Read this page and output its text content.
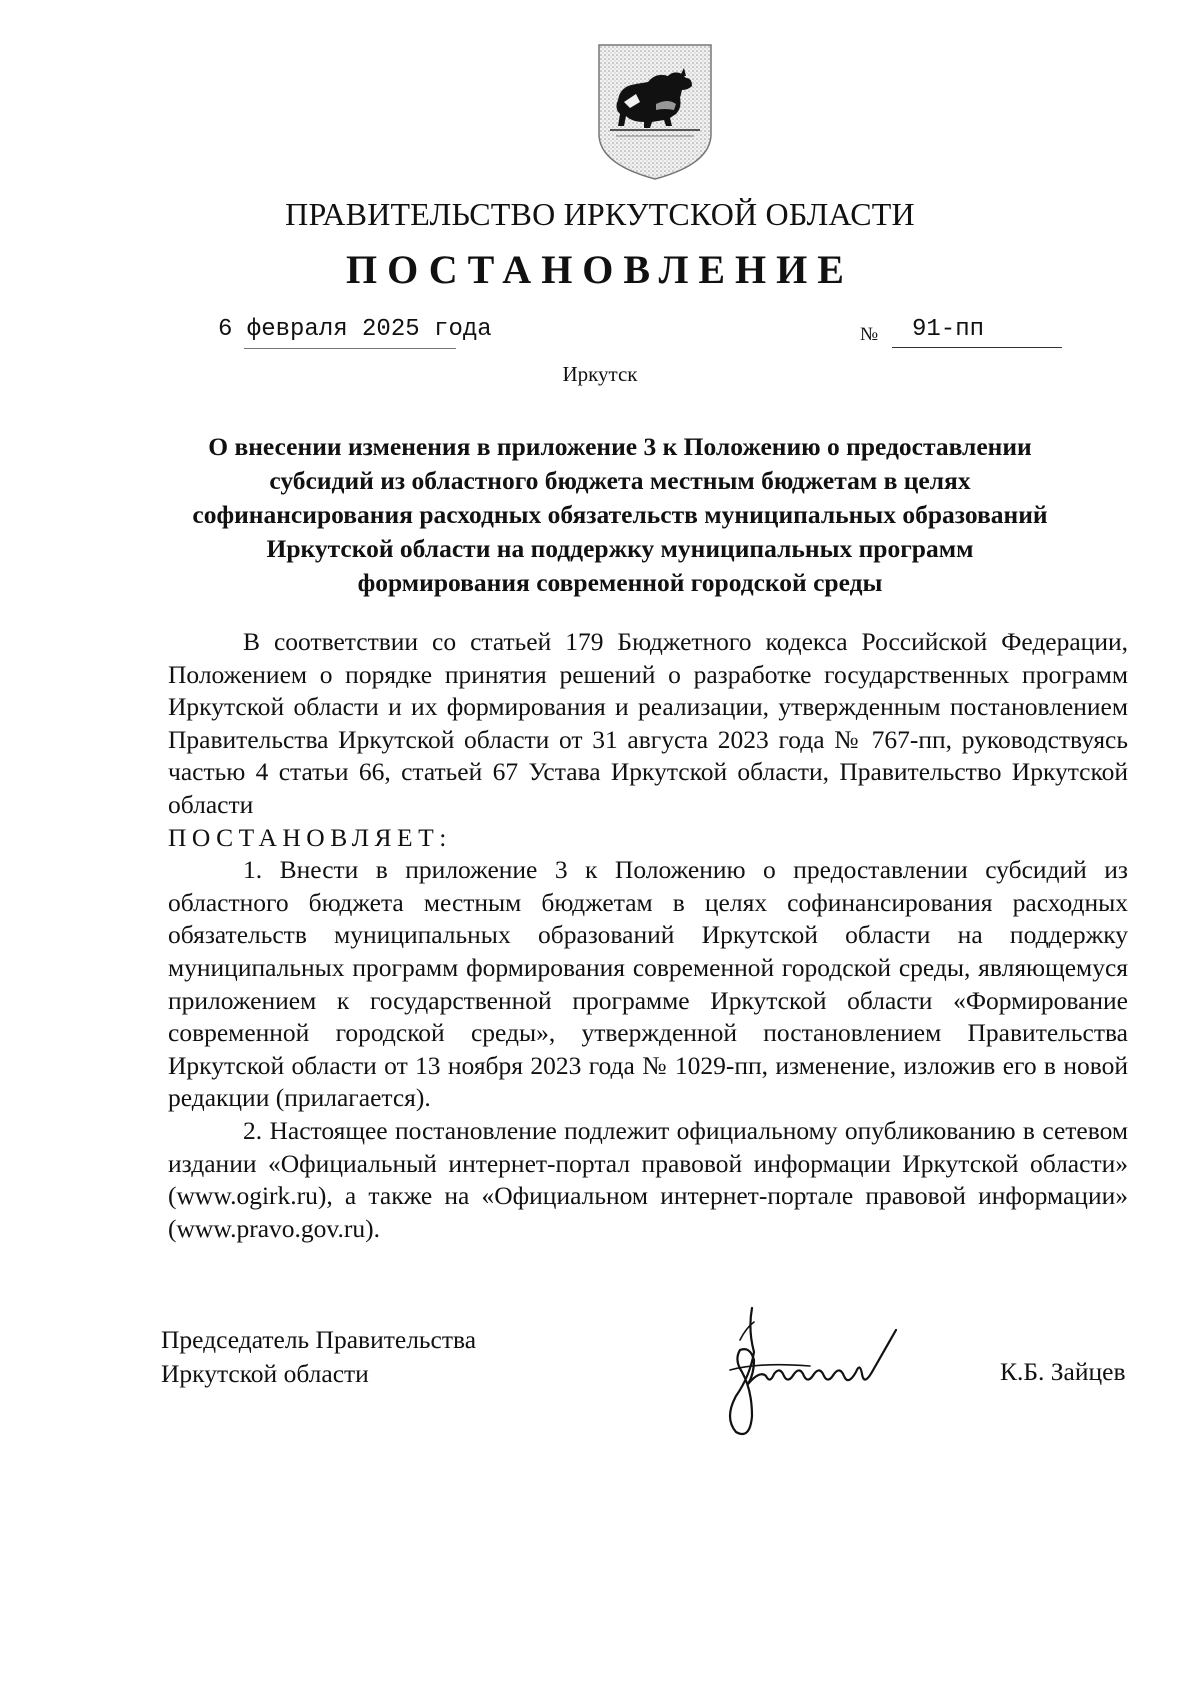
ПРАВИТЕЛЬСТВО ИРКУТСКОЙ ОБЛАСТИ
ПОСТАНОВЛЕНИЕ
6 февраля 2025 года	№ 91-пп
Иркутск
О внесении изменения в приложение 3 к Положению о предоставлении
субсидий из областного бюджета местным бюджетам в целях
софинансирования расходных обязательств муниципальных образований
Иркутской области на поддержку муниципальных программ
формирования современной городской среды

В соответствии со статьей 179 Бюджетного кодекса Российской Федерации, Положением о порядке принятия решений о разработке государственных программ Иркутской области и их формирования и реализации, утвержденным постановлением Правительства Иркутской области от 31 августа 2023 года № 767-пп, руководствуясь частью 4 статьи 66, статьей 67 Устава Иркутской области, Правительство Иркутской области

ПОСТАНОВЛЯЕТ:

1. Внести в приложение 3 к Положению о предоставлении субсидий из областного бюджета местным бюджетам в целях софинансирования расходных обязательств муниципальных образований Иркутской области на поддержку муниципальных программ формирования современной городской среды, являющемуся приложением к государственной программе Иркутской области «Формирование современной городской среды», утвержденной постановлением Правительства Иркутской области от 13 ноября 2023 года № 1029-пп, изменение, изложив его в новой редакции (прилагается).

2. Настоящее постановление подлежит официальному опубликованию в сетевом издании «Официальный интернет-портал правовой информации Иркутской области» (www.ogirk.ru), а также на «Официальном интернет-портале правовой информации» (www.pravo.gov.ru).

Председатель Правительства
Иркутской области	К.Б. Зайцев
